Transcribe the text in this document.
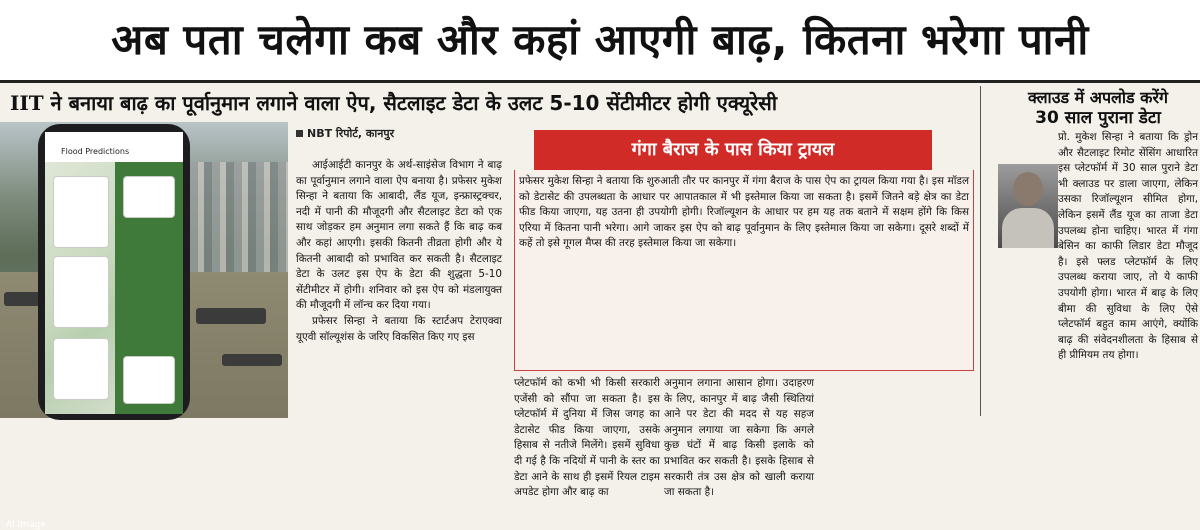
अब पता चलेगा कब और कहां आएगी बाढ़, कितना भरेगा पानी
IIT ने बनाया बाढ़ का पूर्वानुमान लगाने वाला ऐप, सैटलाइट डेटा के उलट 5-10 सेंटीमीटर होगी एक्यूरेसी
Flood Predictions
AI Image
NBT रिपोर्ट, कानपुर

आईआईटी कानपुर के अर्थ-साइंसेज विभाग ने बाढ़ का पूर्वानुमान लगाने वाला ऐप बनाया है। प्रफेसर मुकेश सिन्हा ने बताया कि आबादी, लैंड यूज, इन्फ्रास्ट्रक्चर, नदी में पानी की मौजूदगी और सैटलाइट डेटा को एक साथ जोड़कर हम अनुमान लगा सकते हैं कि बाढ़ कब और कहां आएगी। इसकी कितनी तीव्रता होगी और ये कितनी आबादी को प्रभावित कर सकती है। सैटलाइट डेटा के उलट इस ऐप के डेटा की शुद्धता 5-10 सेंटीमीटर में होगी। शनिवार को इस ऐप को मंडलायुक्त की मौजूदगी में लॉन्च कर दिया गया।

प्रफेसर सिन्हा ने बताया कि स्टार्टअप टेराएक्वा यूएवी सॉल्यूशंस के जरिए विकसित किए गए इस

गंगा बैराज के पास किया ट्रायल
प्रफेसर मुकेश सिन्हा ने बताया कि शुरुआती तौर पर कानपुर में गंगा बैराज के पास ऐप का ट्रायल किया गया है। इस मॉडल को डेटासेट की उपलब्धता के आधार पर आपातकाल में भी इस्तेमाल किया जा सकता है। इसमें जितने बड़े क्षेत्र का डेटा फीड किया जाएगा, यह उतना ही उपयोगी होगी। रिजॉल्यूशन के आधार पर हम यह तक बताने में सक्षम होंगे कि किस एरिया में कितना पानी भरेगा। आगे जाकर इस ऐप को बाढ़ पूर्वानुमान के लिए इस्तेमाल किया जा सकेगा। दूसरे शब्दों में कहें तो इसे गूगल मैप्स की तरह इस्तेमाल किया जा सकेगा।
प्लेटफॉर्म को कभी भी किसी सरकारी एजेंसी को सौंपा जा सकता है। इस प्लेटफॉर्म में दुनिया में जिस जगह का डेटासेट फीड किया जाएगा, उसके हिसाब से नतीजे मिलेंगे। इसमें सुविधा दी गई है कि नदियों में पानी के स्तर का डेटा आने के साथ ही इसमें रियल टाइम अपडेट होगा और बाढ़ का
अनुमान लगाना आसान होगा। उदाहरण के लिए, कानपुर में बाढ़ जैसी स्थितियां आने पर डेटा की मदद से यह सहज अनुमान लगाया जा सकेगा कि अगले कुछ घंटों में बाढ़ किसी इलाके को प्रभावित कर सकती है। इसके हिसाब से सरकारी तंत्र उस क्षेत्र को खाली कराया जा सकता है।
क्लाउड में अपलोड करेंगे
30 साल पुराना डेटा
प्रो. मुकेश सिन्हा ने बताया कि ड्रोन और सैटलाइट रिमोट सेंसिंग आधारित इस प्लेटफॉर्म में 30 साल पुराने डेटा भी क्लाउड पर डाला जाएगा, लेकिन उसका रिजॉल्यूशन सीमित होगा, लेकिन इसमें लैंड यूज का ताजा डेटा उपलब्ध होना चाहिए। भारत में गंगा बेसिन का काफी लिडार डेटा मौजूद है। इसे फ्लड प्लेटफॉर्म के लिए उपलब्ध कराया जाए, तो ये काफी उपयोगी होगा। भारत में बाढ़ के लिए बीमा की सुविधा के लिए ऐसे प्लेटफॉर्म बहुत काम आएंगे, क्योंकि बाढ़ की संवेदनशीलता के हिसाब से ही प्रीमियम तय होगा।
